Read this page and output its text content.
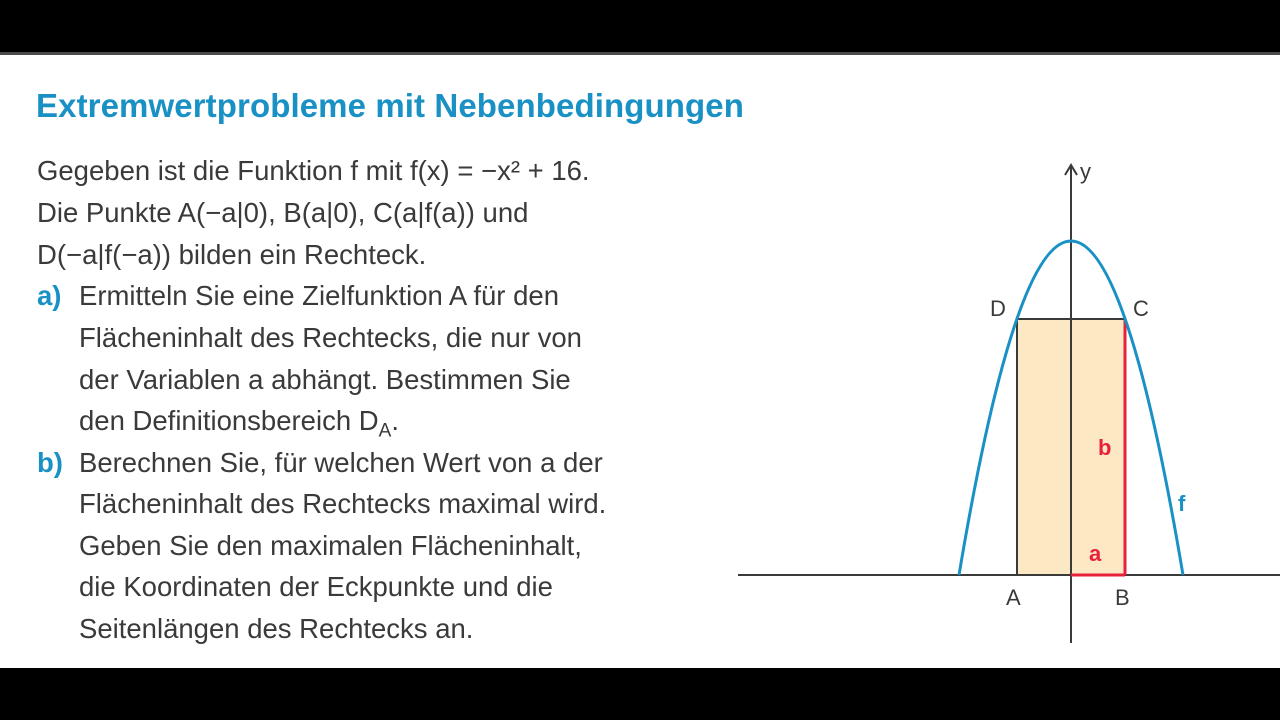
Extremwertprobleme mit Nebenbedingungen
Gegeben ist die Funktion f mit f(x) = −x² + 16.
Die Punkte A(−a|0), B(a|0), C(a|f(a)) und
D(−a|f(−a)) bilden ein Rechteck.
a) Ermitteln Sie eine Zielfunktion A für den
Flächeninhalt des Rechtecks, die nur von
der Variablen a abhängt. Bestimmen Sie
den Definitionsbereich $D_A$.
b) Berechnen Sie, für welchen Wert von a der
Flächeninhalt des Rechtecks maximal wird.
Geben Sie den maximalen Flächeninhalt,
die Koordinaten der Eckpunkte und die
Seitenlängen des Rechtecks an.
y
D	C
A	B
b
a
f
